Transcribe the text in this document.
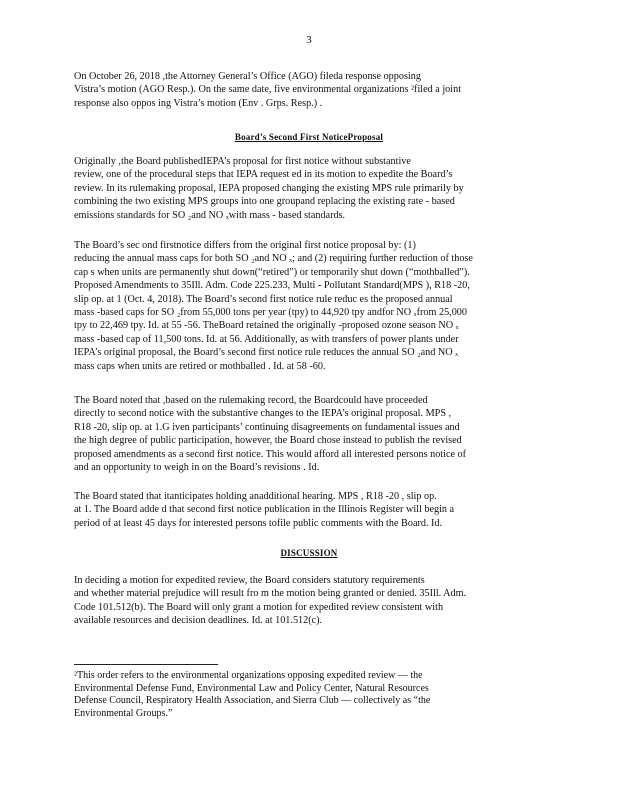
3
On October 26, 2018 ,the Attorney General’s Office (AGO) fileda response opposing
Vistra’s motion (AGO Resp.). On the same date, five environmental organizations ²filed a joint
response also oppos ing Vistra’s motion (Env . Grps. Resp.) .
Board’s Second First NoticeProposal
Originally ,the Board publishedIEPA’s proposal for first notice without substantive
review, one of the procedural steps that IEPA request ed in its motion to expedite the Board’s
review. In its rulemaking proposal, IEPA proposed changing the existing MPS rule primarily by
combining the two existing MPS groups into one groupand replacing the existing rate - based
emissions standards for SO ₂and NO ₓwith mass - based standards.
The Board’s sec ond firstnotice differs from the original first notice proposal by: (1)
reducing the annual mass caps for both SO ₂and NO ₓ; and (2) requiring further reduction of those
cap s when units are permanently shut down(“retired”) or temporarily shut down (“mothballed”).
Proposed Amendments to 35Ill. Adm. Code 225.233, Multi - Pollutant Standard(MPS ), R18 -20,
slip op. at 1 (Oct. 4, 2018). The Board’s second first notice rule reduc es the proposed annual
mass -based caps for SO ₂from 55,000 tons per year (tpy) to 44,920 tpy andfor NO ₓfrom 25,000
tpy to 22,469 tpy. Id. at 55 -56. TheBoard retained the originally -proposed ozone season NO ₓ
mass -based cap of 11,500 tons. Id. at 56. Additionally, as with transfers of power plants under
IEPA’s original proposal, the Board’s second first notice rule reduces the annual SO ₂and NO ₓ
mass caps when units are retired or mothballed . Id. at 58 -60.
The Board noted that ,based on the rulemaking record, the Boardcould have proceeded
directly to second notice with the substantive changes to the IEPA’s original proposal. MPS ,
R18 -20, slip op. at 1.G iven participants’ continuing disagreements on fundamental issues and
the high degree of public participation, however, the Board chose instead to publish the revised
proposed amendments as a second first notice. This would afford all interested persons notice of
and an opportunity to weigh in on the Board’s revisions . Id.
The Board stated that itanticipates holding anadditional hearing. MPS , R18 -20 , slip op.
at 1. The Board adde d that second first notice publication in the Illinois Register will begin a
period of at least 45 days for interested persons tofile public comments with the Board. Id.
DISCUSSION
In deciding a motion for expedited review, the Board considers statutory requirements
and whether material prejudice will result fro m the motion being granted or denied. 35Ill. Adm.
Code 101.512(b). The Board will only grant a motion for expedited review consistent with
available resources and decision deadlines. Id. at 101.512(c).
²This order refers to the environmental organizations opposing expedited review — the
Environmental Defense Fund, Environmental Law and Policy Center, Natural Resources
Defense Council, Respiratory Health Association, and Sierra Club — collectively as “the
Environmental Groups.”
